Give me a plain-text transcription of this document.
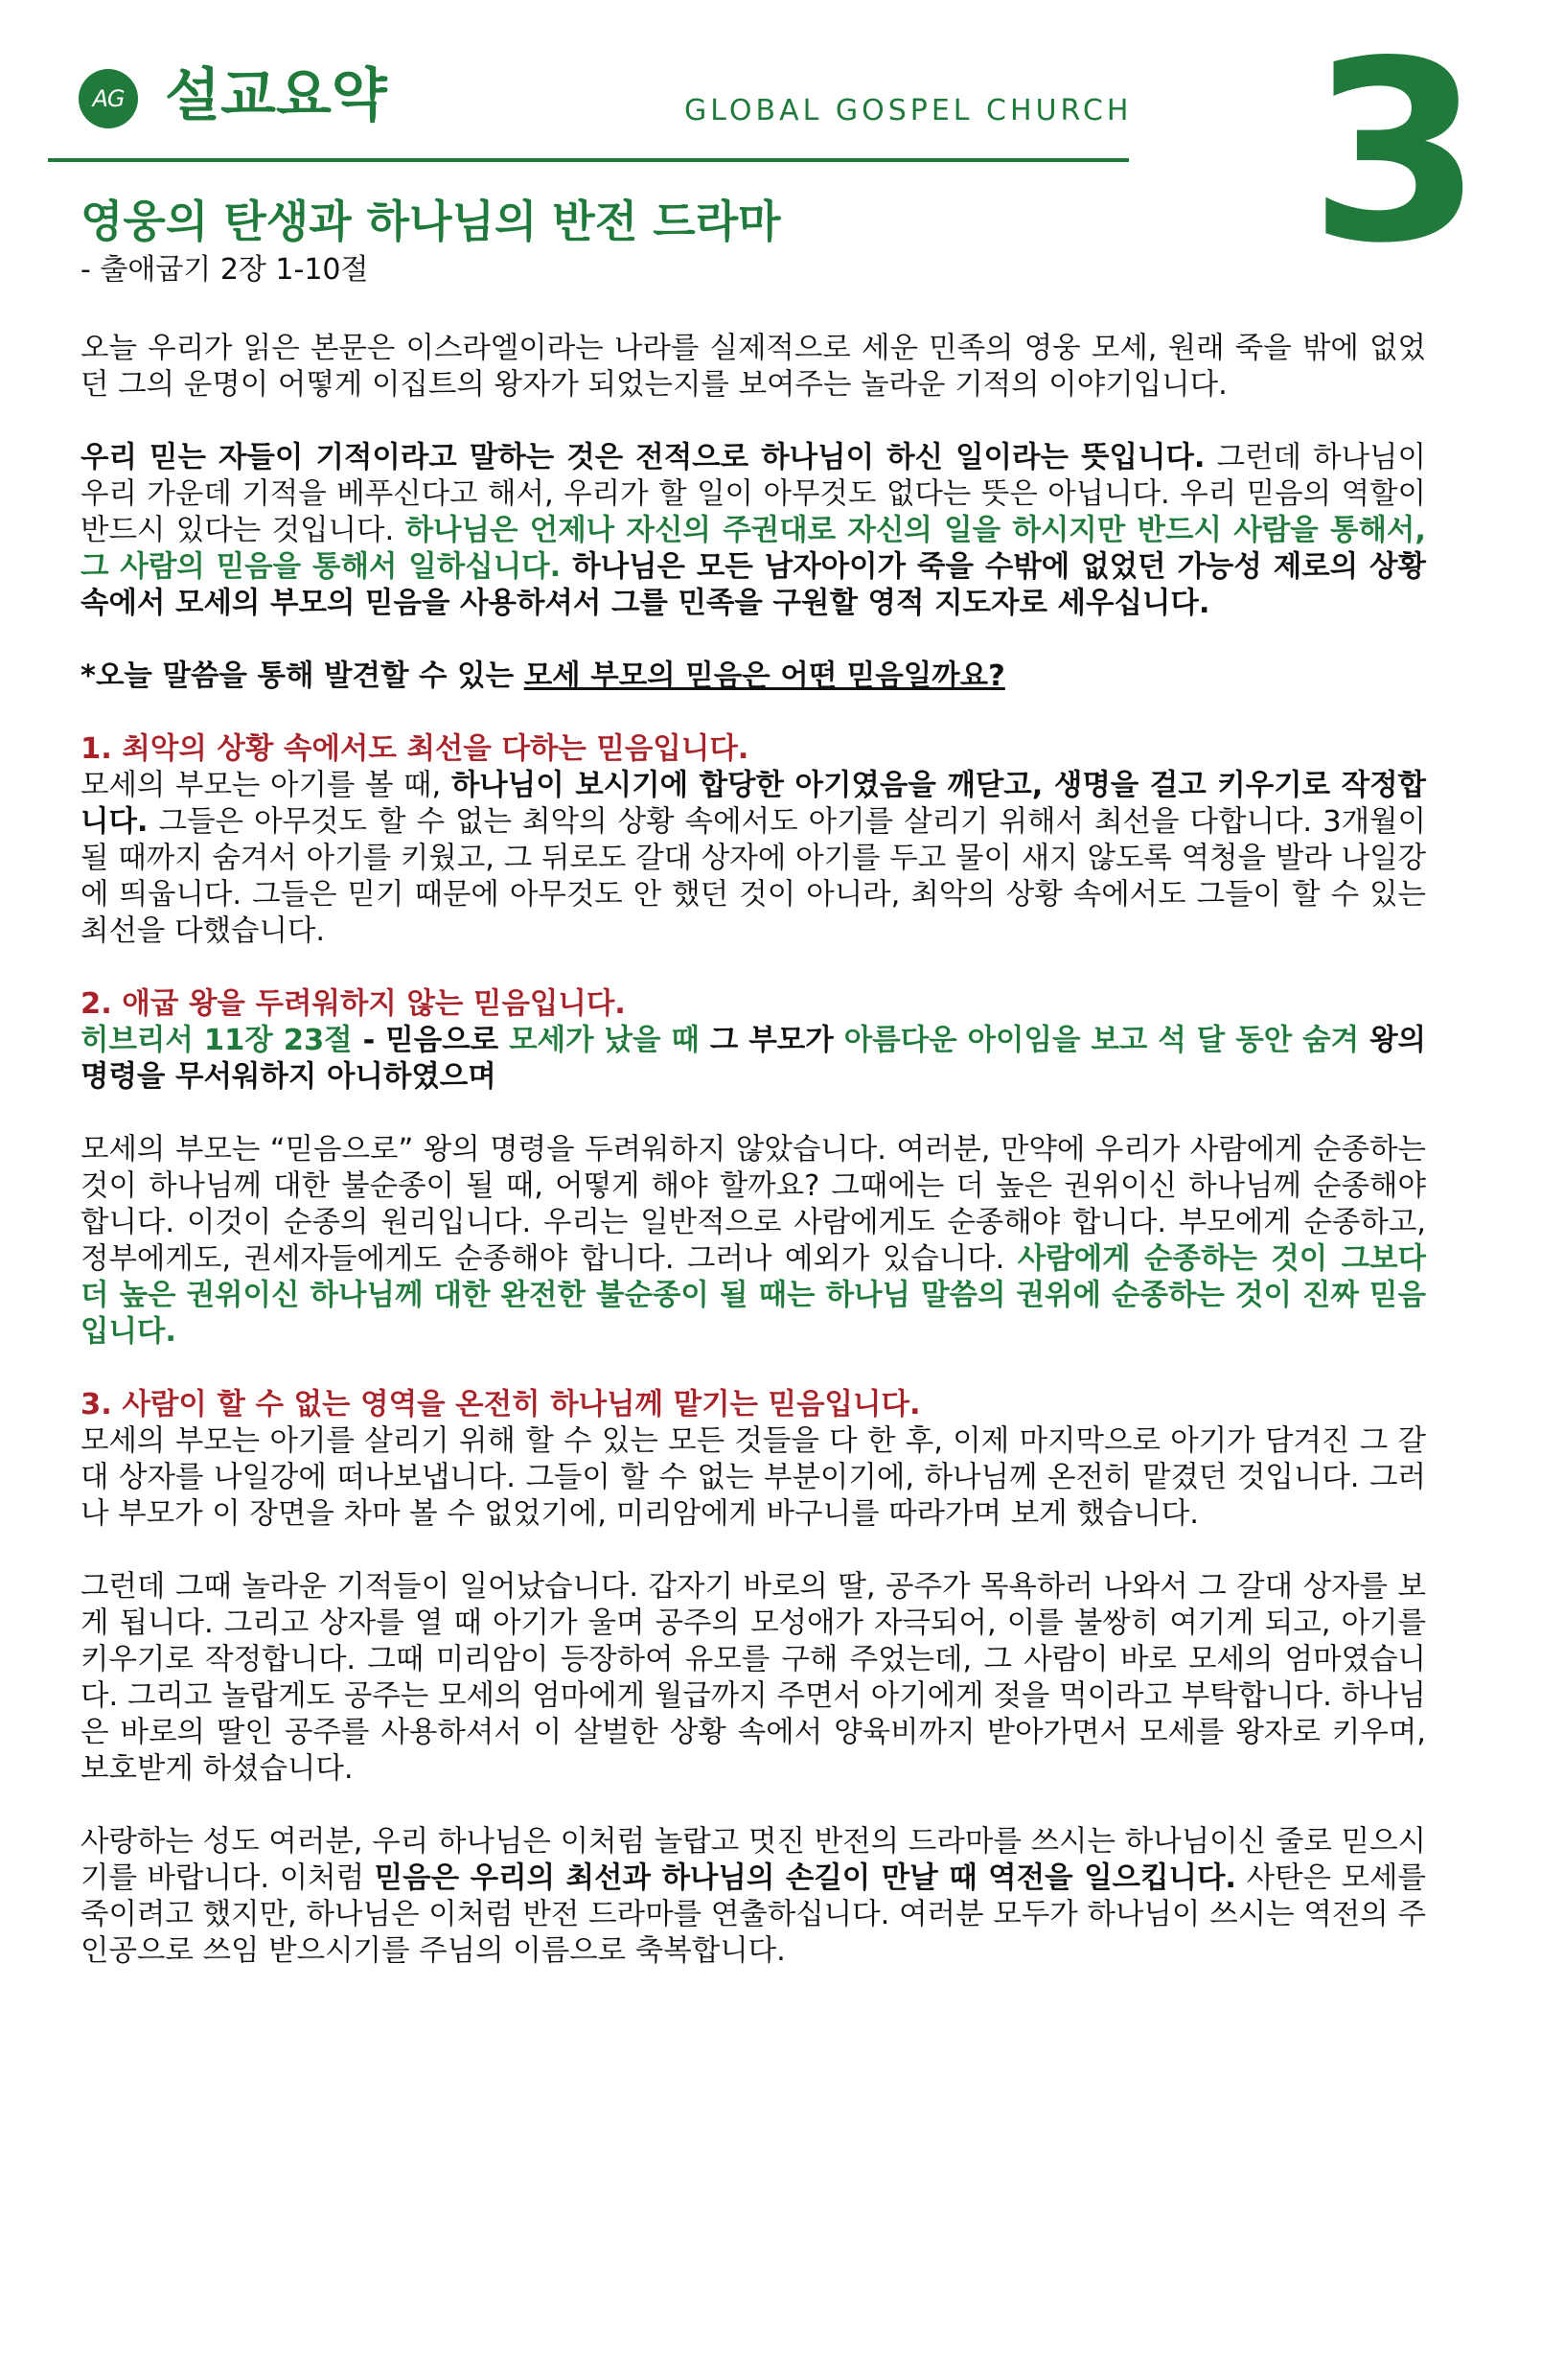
AG 설교요약	GLOBAL GOSPEL CHURCH 3
영웅의 탄생과 하나님의 반전 드라마
- 출애굽기 2장 1-10절

오늘 우리가 읽은 본문은 이스라엘이라는 나라를 실제적으로 세운 민족의 영웅 모세, 원래 죽을 밖에 없었던 그의 운명이 어떻게 이집트의 왕자가 되었는지를 보여주는 놀라운 기적의 이야기입니다.

우리 믿는 자들이 기적이라고 말하는 것은 전적으로 하나님이 하신 일이라는 뜻입니다. 그런데 하나님이 우리 가운데 기적을 베푸신다고 해서, 우리가 할 일이 아무것도 없다는 뜻은 아닙니다. 우리 믿음의 역할이 반드시 있다는 것입니다. 하나님은 언제나 자신의 주권대로 자신의 일을 하시지만 반드시 사람을 통해서, 그 사람의 믿음을 통해서 일하십니다. 하나님은 모든 남자아이가 죽을 수밖에 없었던 가능성 제로의 상황 속에서 모세의 부모의 믿음을 사용하셔서 그를 민족을 구원할 영적 지도자로 세우십니다.

*오늘 말씀을 통해 발견할 수 있는 모세 부모의 믿음은 어떤 믿음일까요?

1. 최악의 상황 속에서도 최선을 다하는 믿음입니다.

모세의 부모는 아기를 볼 때, 하나님이 보시기에 합당한 아기였음을 깨닫고, 생명을 걸고 키우기로 작정합니다. 그들은 아무것도 할 수 없는 최악의 상황 속에서도 아기를 살리기 위해서 최선을 다합니다. 3개월이 될 때까지 숨겨서 아기를 키웠고, 그 뒤로도 갈대 상자에 아기를 두고 물이 새지 않도록 역청을 발라 나일강에 띄웁니다. 그들은 믿기 때문에 아무것도 안 했던 것이 아니라, 최악의 상황 속에서도 그들이 할 수 있는 최선을 다했습니다.

2. 애굽 왕을 두려워하지 않는 믿음입니다.

히브리서 11장 23절 - 믿음으로 모세가 났을 때 그 부모가 아름다운 아이임을 보고 석 달 동안 숨겨 왕의 명령을 무서워하지 아니하였으며

모세의 부모는 “믿음으로” 왕의 명령을 두려워하지 않았습니다. 여러분, 만약에 우리가 사람에게 순종하는 것이 하나님께 대한 불순종이 될 때, 어떻게 해야 할까요? 그때에는 더 높은 권위이신 하나님께 순종해야 합니다. 이것이 순종의 원리입니다. 우리는 일반적으로 사람에게도 순종해야 합니다. 부모에게 순종하고, 정부에게도, 권세자들에게도 순종해야 합니다. 그러나 예외가 있습니다. 사람에게 순종하는 것이 그보다 더 높은 권위이신 하나님께 대한 완전한 불순종이 될 때는 하나님 말씀의 권위에 순종하는 것이 진짜 믿음입니다.

3. 사람이 할 수 없는 영역을 온전히 하나님께 맡기는 믿음입니다.

모세의 부모는 아기를 살리기 위해 할 수 있는 모든 것들을 다 한 후, 이제 마지막으로 아기가 담겨진 그 갈대 상자를 나일강에 떠나보냅니다. 그들이 할 수 없는 부분이기에, 하나님께 온전히 맡겼던 것입니다. 그러나 부모가 이 장면을 차마 볼 수 없었기에, 미리암에게 바구니를 따라가며 보게 했습니다.

그런데 그때 놀라운 기적들이 일어났습니다. 갑자기 바로의 딸, 공주가 목욕하러 나와서 그 갈대 상자를 보게 됩니다. 그리고 상자를 열 때 아기가 울며 공주의 모성애가 자극되어, 이를 불쌍히 여기게 되고, 아기를 키우기로 작정합니다. 그때 미리암이 등장하여 유모를 구해 주었는데, 그 사람이 바로 모세의 엄마였습니다. 그리고 놀랍게도 공주는 모세의 엄마에게 월급까지 주면서 아기에게 젖을 먹이라고 부탁합니다. 하나님은 바로의 딸인 공주를 사용하셔서 이 살벌한 상황 속에서 양육비까지 받아가면서 모세를 왕자로 키우며, 보호받게 하셨습니다.

사랑하는 성도 여러분, 우리 하나님은 이처럼 놀랍고 멋진 반전의 드라마를 쓰시는 하나님이신 줄로 믿으시기를 바랍니다. 이처럼 믿음은 우리의 최선과 하나님의 손길이 만날 때 역전을 일으킵니다. 사탄은 모세를 죽이려고 했지만, 하나님은 이처럼 반전 드라마를 연출하십니다. 여러분 모두가 하나님이 쓰시는 역전의 주인공으로 쓰임 받으시기를 주님의 이름으로 축복합니다.
